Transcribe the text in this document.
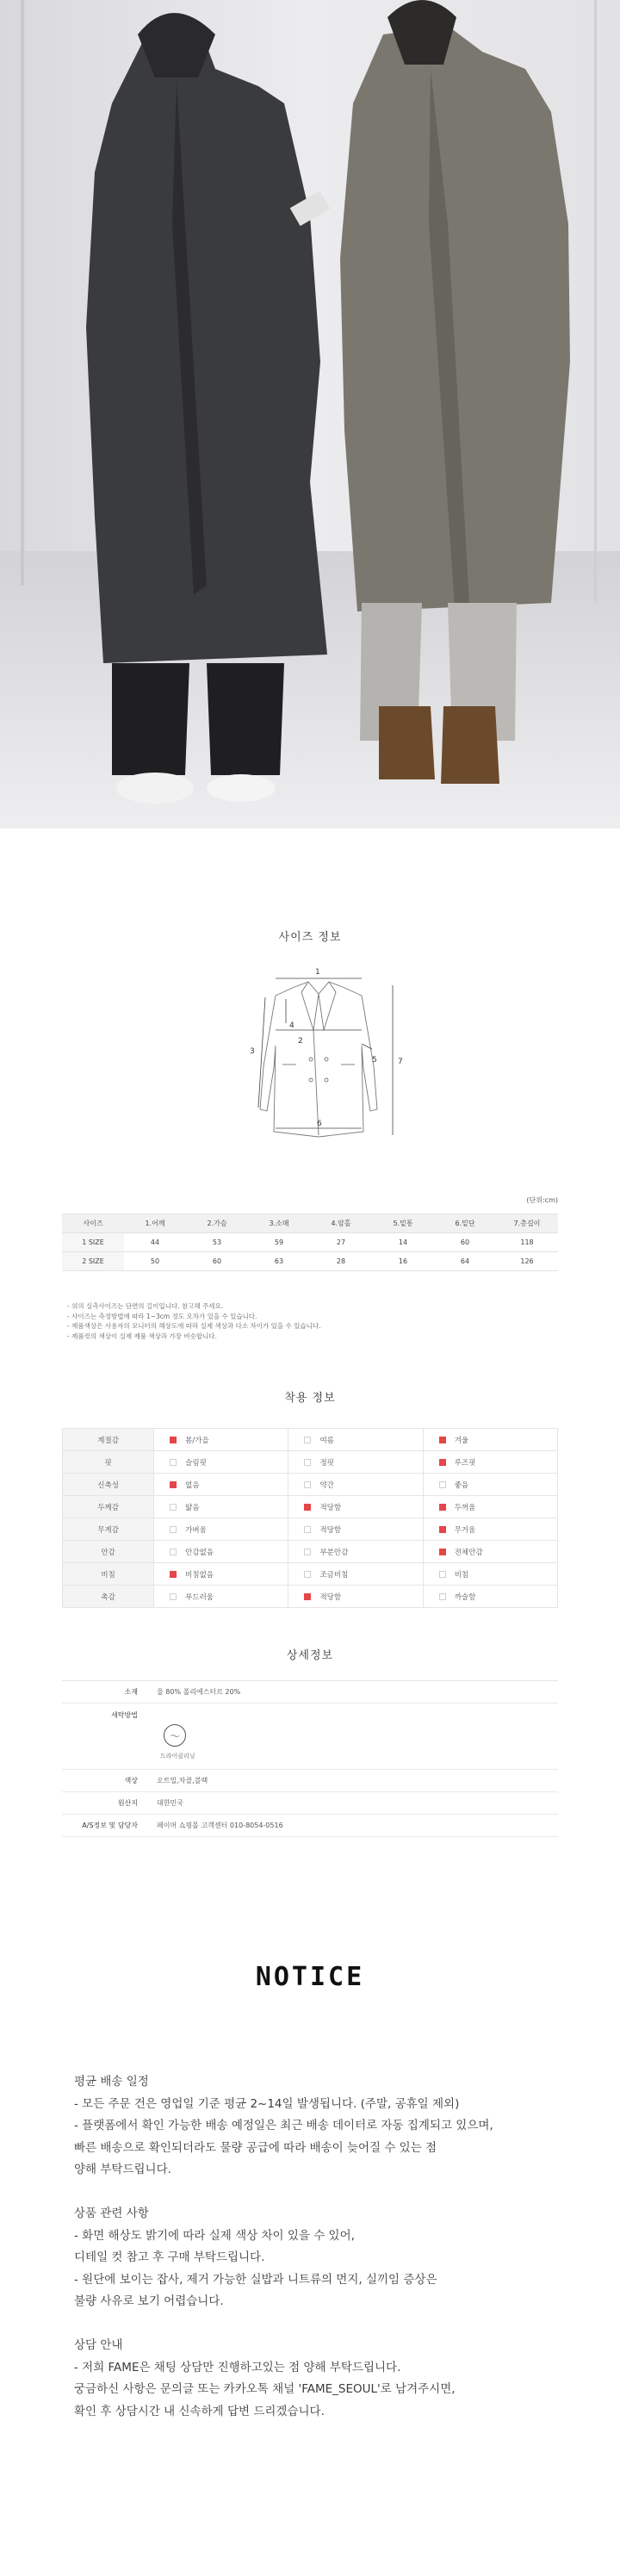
사이즈 정보
1
2
3
4
5
6
7
(단위:cm)
사이즈	1.어깨	2.가슴	3.소매	4.암홀	5.밑통	6.밑단	7.총길이
1 SIZE	44	53	59	27	14	60	118
2 SIZE	50	60	63	28	16	64	126
- 위의 실측사이즈는 단면의 길이입니다. 참고해 주세요.
- 사이즈는 측정방법에 따라 1~3cm 정도 오차가 있을 수 있습니다.
- 제품색상은 사용자의 모니터의 해상도에 따라 실제 색상과 다소 차이가 있을 수 있습니다.
- 제품컷의 색상이 실제 제품 색상과 가장 비슷합니다.
착용 정보
계절감	봄/가을	여름	겨울
핏	슬림핏	정핏	루즈핏
신축성	없음	약간	좋음
두께감	얇음	적당함	두꺼움
무게감	가벼움	적당함	무거움
안감	안감없음	부분안감	전체안감
비침	비침없음	조금비침	비침
촉감	부드러움	적당함	까슬함
상세정보
소재	울 80% 폴리에스터르 20%
세탁방법	〜
드라이클리닝

색상	오트밀,차콜,블랙
원산지	대한민국
A/S정보 및 담당자	페이머 쇼핑몰 고객센터 010-8054-0516
NOTICE

평균 배송 일정

- 모든 주문 건은 영업일 기준 평균 2~14일 발생됩니다. (주말, 공휴일 제외)

- 플랫폼에서 확인 가능한 배송 예정일은 최근 배송 데이터로 자동 집계되고 있으며,

빠른 배송으로 확인되더라도 물량 공급에 따라 배송이 늦어질 수 있는 점

양해 부탁드립니다.

상품 관련 사항

- 화면 해상도 밝기에 따라 실제 색상 차이 있을 수 있어,

디테일 컷 참고 후 구매 부탁드립니다.

- 원단에 보이는 잡사, 제거 가능한 실밥과 니트류의 먼지, 실끼임 증상은

불량 사유로 보기 어렵습니다.

상담 안내

- 저희 FAME은 채팅 상담만 진행하고있는 점 양해 부탁드립니다.

궁금하신 사항은 문의글 또는 카카오톡 채널 'FAME_SEOUL'로 남겨주시면,

확인 후 상담시간 내 신속하게 답변 드리겠습니다.
